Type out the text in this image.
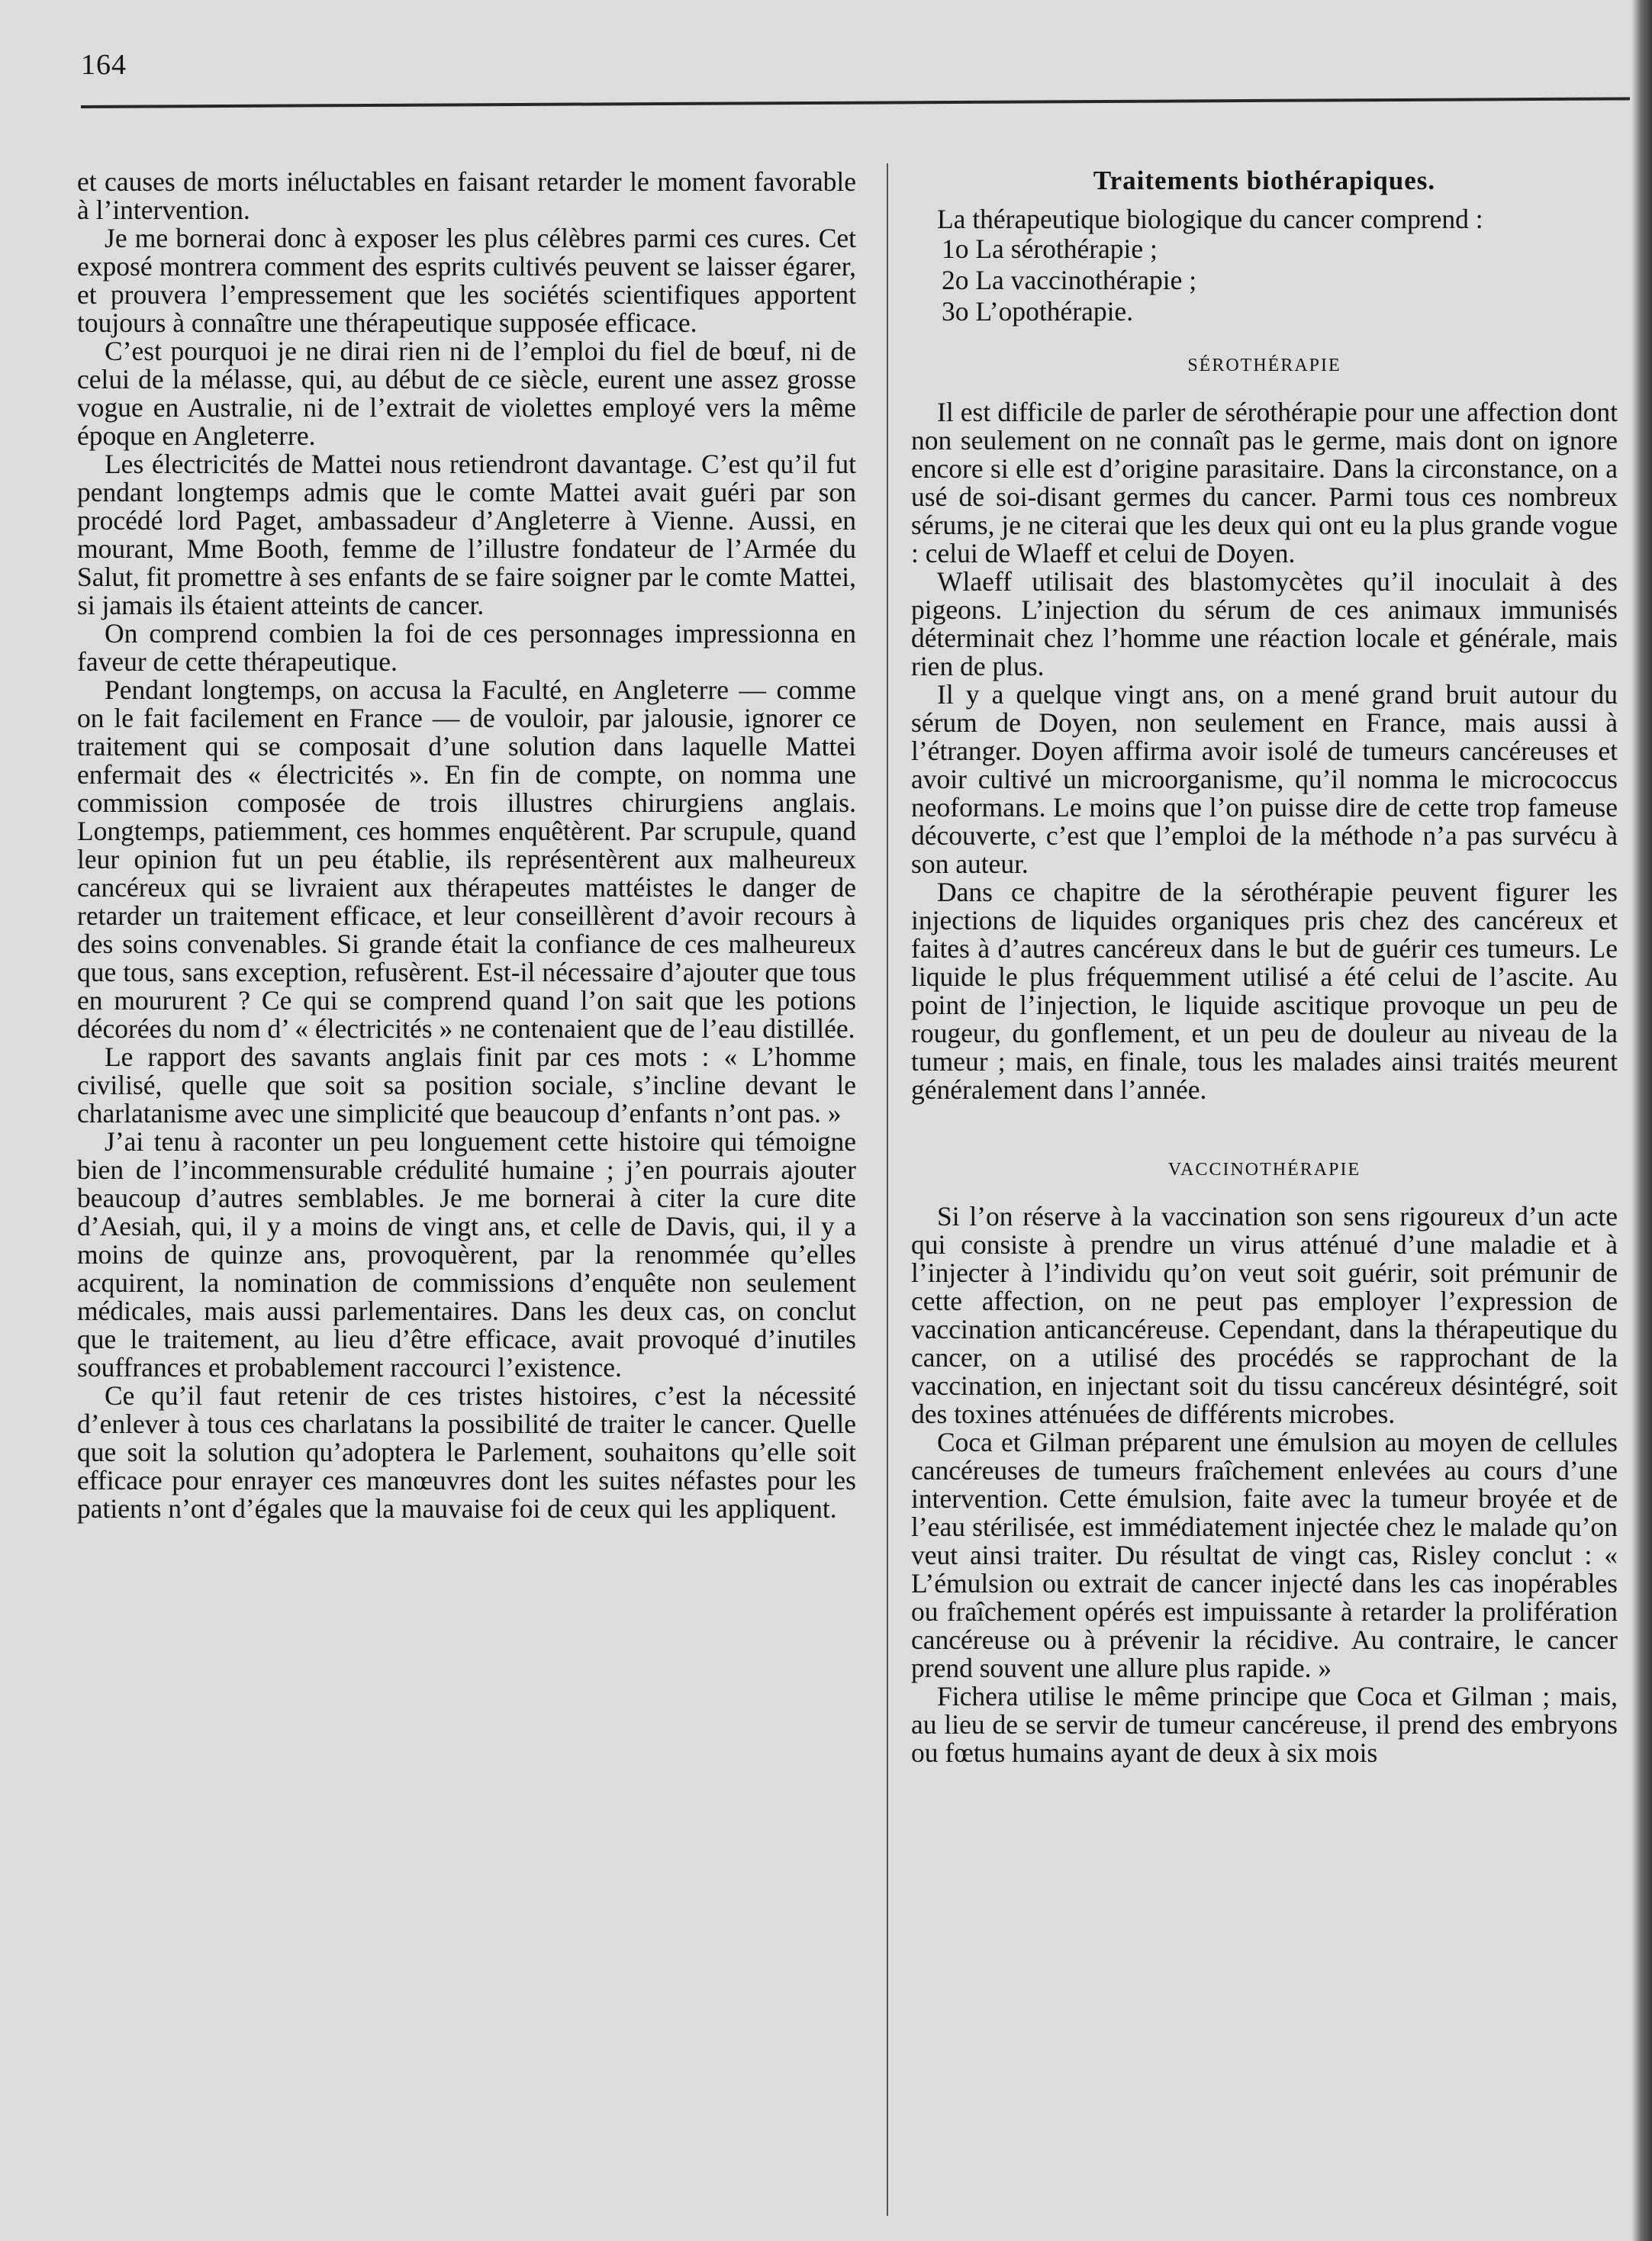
164

et causes de morts inéluctables en faisant retarder le moment favorable à l’intervention.

Je me bornerai donc à exposer les plus célèbres parmi ces cures. Cet exposé montrera comment des esprits cultivés peuvent se laisser égarer, et prouvera l’empressement que les sociétés scientifiques apportent toujours à connaître une thérapeutique supposée efficace.

C’est pourquoi je ne dirai rien ni de l’emploi du fiel de bœuf, ni de celui de la mélasse, qui, au début de ce siècle, eurent une assez grosse vogue en Australie, ni de l’extrait de violettes employé vers la même époque en Angleterre.

Les électricités de Mattei nous retiendront davantage. C’est qu’il fut pendant longtemps admis que le comte Mattei avait guéri par son procédé lord Paget, ambassadeur d’Angleterre à Vienne. Aussi, en mourant, Mme Booth, femme de l’illustre fondateur de l’Armée du Salut, fit promettre à ses enfants de se faire soigner par le comte Mattei, si jamais ils étaient atteints de cancer.

On comprend combien la foi de ces personnages impressionna en faveur de cette thérapeutique.

Pendant longtemps, on accusa la Faculté, en Angleterre — comme on le fait facilement en France — de vouloir, par jalousie, ignorer ce traitement qui se composait d’une solution dans laquelle Mattei enfermait des « électricités ». En fin de compte, on nomma une commission composée de trois illustres chirurgiens anglais. Longtemps, patiemment, ces hommes enquêtèrent. Par scrupule, quand leur opinion fut un peu établie, ils représentèrent aux malheureux cancéreux qui se livraient aux thérapeutes mattéistes le danger de retarder un traitement efficace, et leur conseillèrent d’avoir recours à des soins convenables. Si grande était la confiance de ces malheureux que tous, sans exception, refusèrent. Est-il nécessaire d’ajouter que tous en moururent ? Ce qui se comprend quand l’on sait que les potions décorées du nom d’ « électricités » ne contenaient que de l’eau distillée.

Le rapport des savants anglais finit par ces mots : « L’homme civilisé, quelle que soit sa position sociale, s’incline devant le charlatanisme avec une simplicité que beaucoup d’enfants n’ont pas. »

J’ai tenu à raconter un peu longuement cette histoire qui témoigne bien de l’incommensurable crédulité humaine ; j’en pourrais ajouter beaucoup d’autres semblables. Je me bornerai à citer la cure dite d’Aesiah, qui, il y a moins de vingt ans, et celle de Davis, qui, il y a moins de quinze ans, provoquèrent, par la renommée qu’elles acquirent, la nomination de commissions d’enquête non seulement médicales, mais aussi parlementaires. Dans les deux cas, on conclut que le traitement, au lieu d’être efficace, avait provoqué d’inutiles souffrances et probablement raccourci l’existence.

Ce qu’il faut retenir de ces tristes histoires, c’est la nécessité d’enlever à tous ces charlatans la possibilité de traiter le cancer. Quelle que soit la solution qu’adoptera le Parlement, souhaitons qu’elle soit efficace pour enrayer ces manœuvres dont les suites néfastes pour les patients n’ont d’égales que la mauvaise foi de ceux qui les appliquent.

Traitements biothérapiques.

La thérapeutique biologique du cancer comprend :

1o La sérothérapie ;
2o La vaccinothérapie ;
3o L’opothérapie.
SÉROTHÉRAPIE

Il est difficile de parler de sérothérapie pour une affection dont non seulement on ne connaît pas le germe, mais dont on ignore encore si elle est d’origine parasitaire. Dans la circonstance, on a usé de soi-disant germes du cancer. Parmi tous ces nombreux sérums, je ne citerai que les deux qui ont eu la plus grande vogue : celui de Wlaeff et celui de Doyen.

Wlaeff utilisait des blastomycètes qu’il inoculait à des pigeons. L’injection du sérum de ces animaux immunisés déterminait chez l’homme une réaction locale et générale, mais rien de plus.

Il y a quelque vingt ans, on a mené grand bruit autour du sérum de Doyen, non seulement en France, mais aussi à l’étranger. Doyen affirma avoir isolé de tumeurs cancéreuses et avoir cultivé un microorganisme, qu’il nomma le micrococcus neoformans. Le moins que l’on puisse dire de cette trop fameuse découverte, c’est que l’emploi de la méthode n’a pas survécu à son auteur.

Dans ce chapitre de la sérothérapie peuvent figurer les injections de liquides organiques pris chez des cancéreux et faites à d’autres cancéreux dans le but de guérir ces tumeurs. Le liquide le plus fréquemment utilisé a été celui de l’ascite. Au point de l’injection, le liquide ascitique provoque un peu de rougeur, du gonflement, et un peu de douleur au niveau de la tumeur ; mais, en finale, tous les malades ainsi traités meurent généralement dans l’année.

VACCINOTHÉRAPIE

Si l’on réserve à la vaccination son sens rigoureux d’un acte qui consiste à prendre un virus atténué d’une maladie et à l’injecter à l’individu qu’on veut soit guérir, soit prémunir de cette affection, on ne peut pas employer l’expression de vaccination anticancéreuse. Cependant, dans la thérapeutique du cancer, on a utilisé des procédés se rapprochant de la vaccination, en injectant soit du tissu cancéreux désintégré, soit des toxines atténuées de différents microbes.

Coca et Gilman préparent une émulsion au moyen de cellules cancéreuses de tumeurs fraîchement enlevées au cours d’une intervention. Cette émulsion, faite avec la tumeur broyée et de l’eau stérilisée, est immédiatement injectée chez le malade qu’on veut ainsi traiter. Du résultat de vingt cas, Risley conclut : « L’émulsion ou extrait de cancer injecté dans les cas inopérables ou fraîchement opérés est impuissante à retarder la prolifération cancéreuse ou à prévenir la récidive. Au contraire, le cancer prend souvent une allure plus rapide. »

Fichera utilise le même principe que Coca et Gilman ; mais, au lieu de se servir de tumeur cancéreuse, il prend des embryons ou fœtus humains ayant de deux à six mois
